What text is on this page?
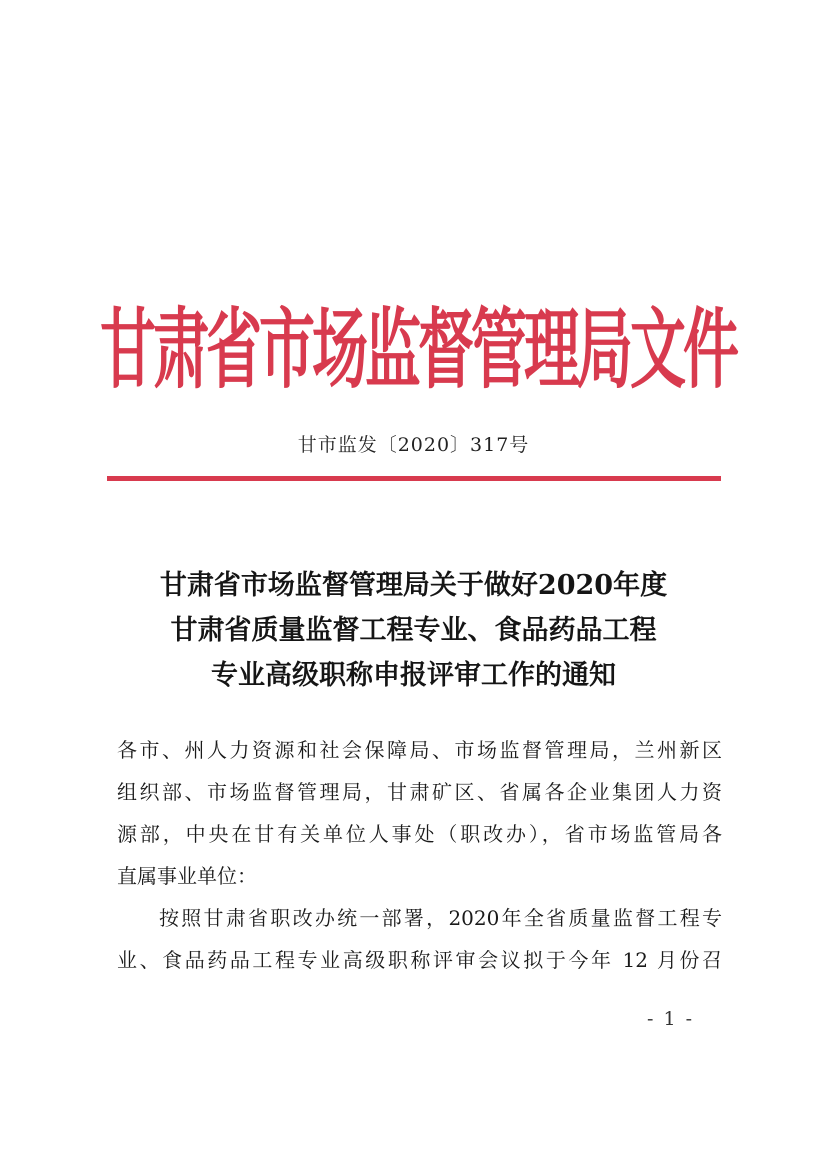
甘肃省市场监督管理局文件
甘市监发〔2020〕317号
甘肃省市场监督管理局关于做好2020年度
甘肃省质量监督工程专业、食品药品工程
专业高级职称申报评审工作的通知
各市、州人力资源和社会保障局、市场监督管理局，兰州新区
组织部、市场监督管理局，甘肃矿区、省属各企业集团人力资
源部，中央在甘有关单位人事处（职改办），省市场监管局各
直属事业单位：
按照甘肃省职改办统一部署，2020年全省质量监督工程专
业、食品药品工程专业高级职称评审会议拟于今年 12 月份召
- 1 -
